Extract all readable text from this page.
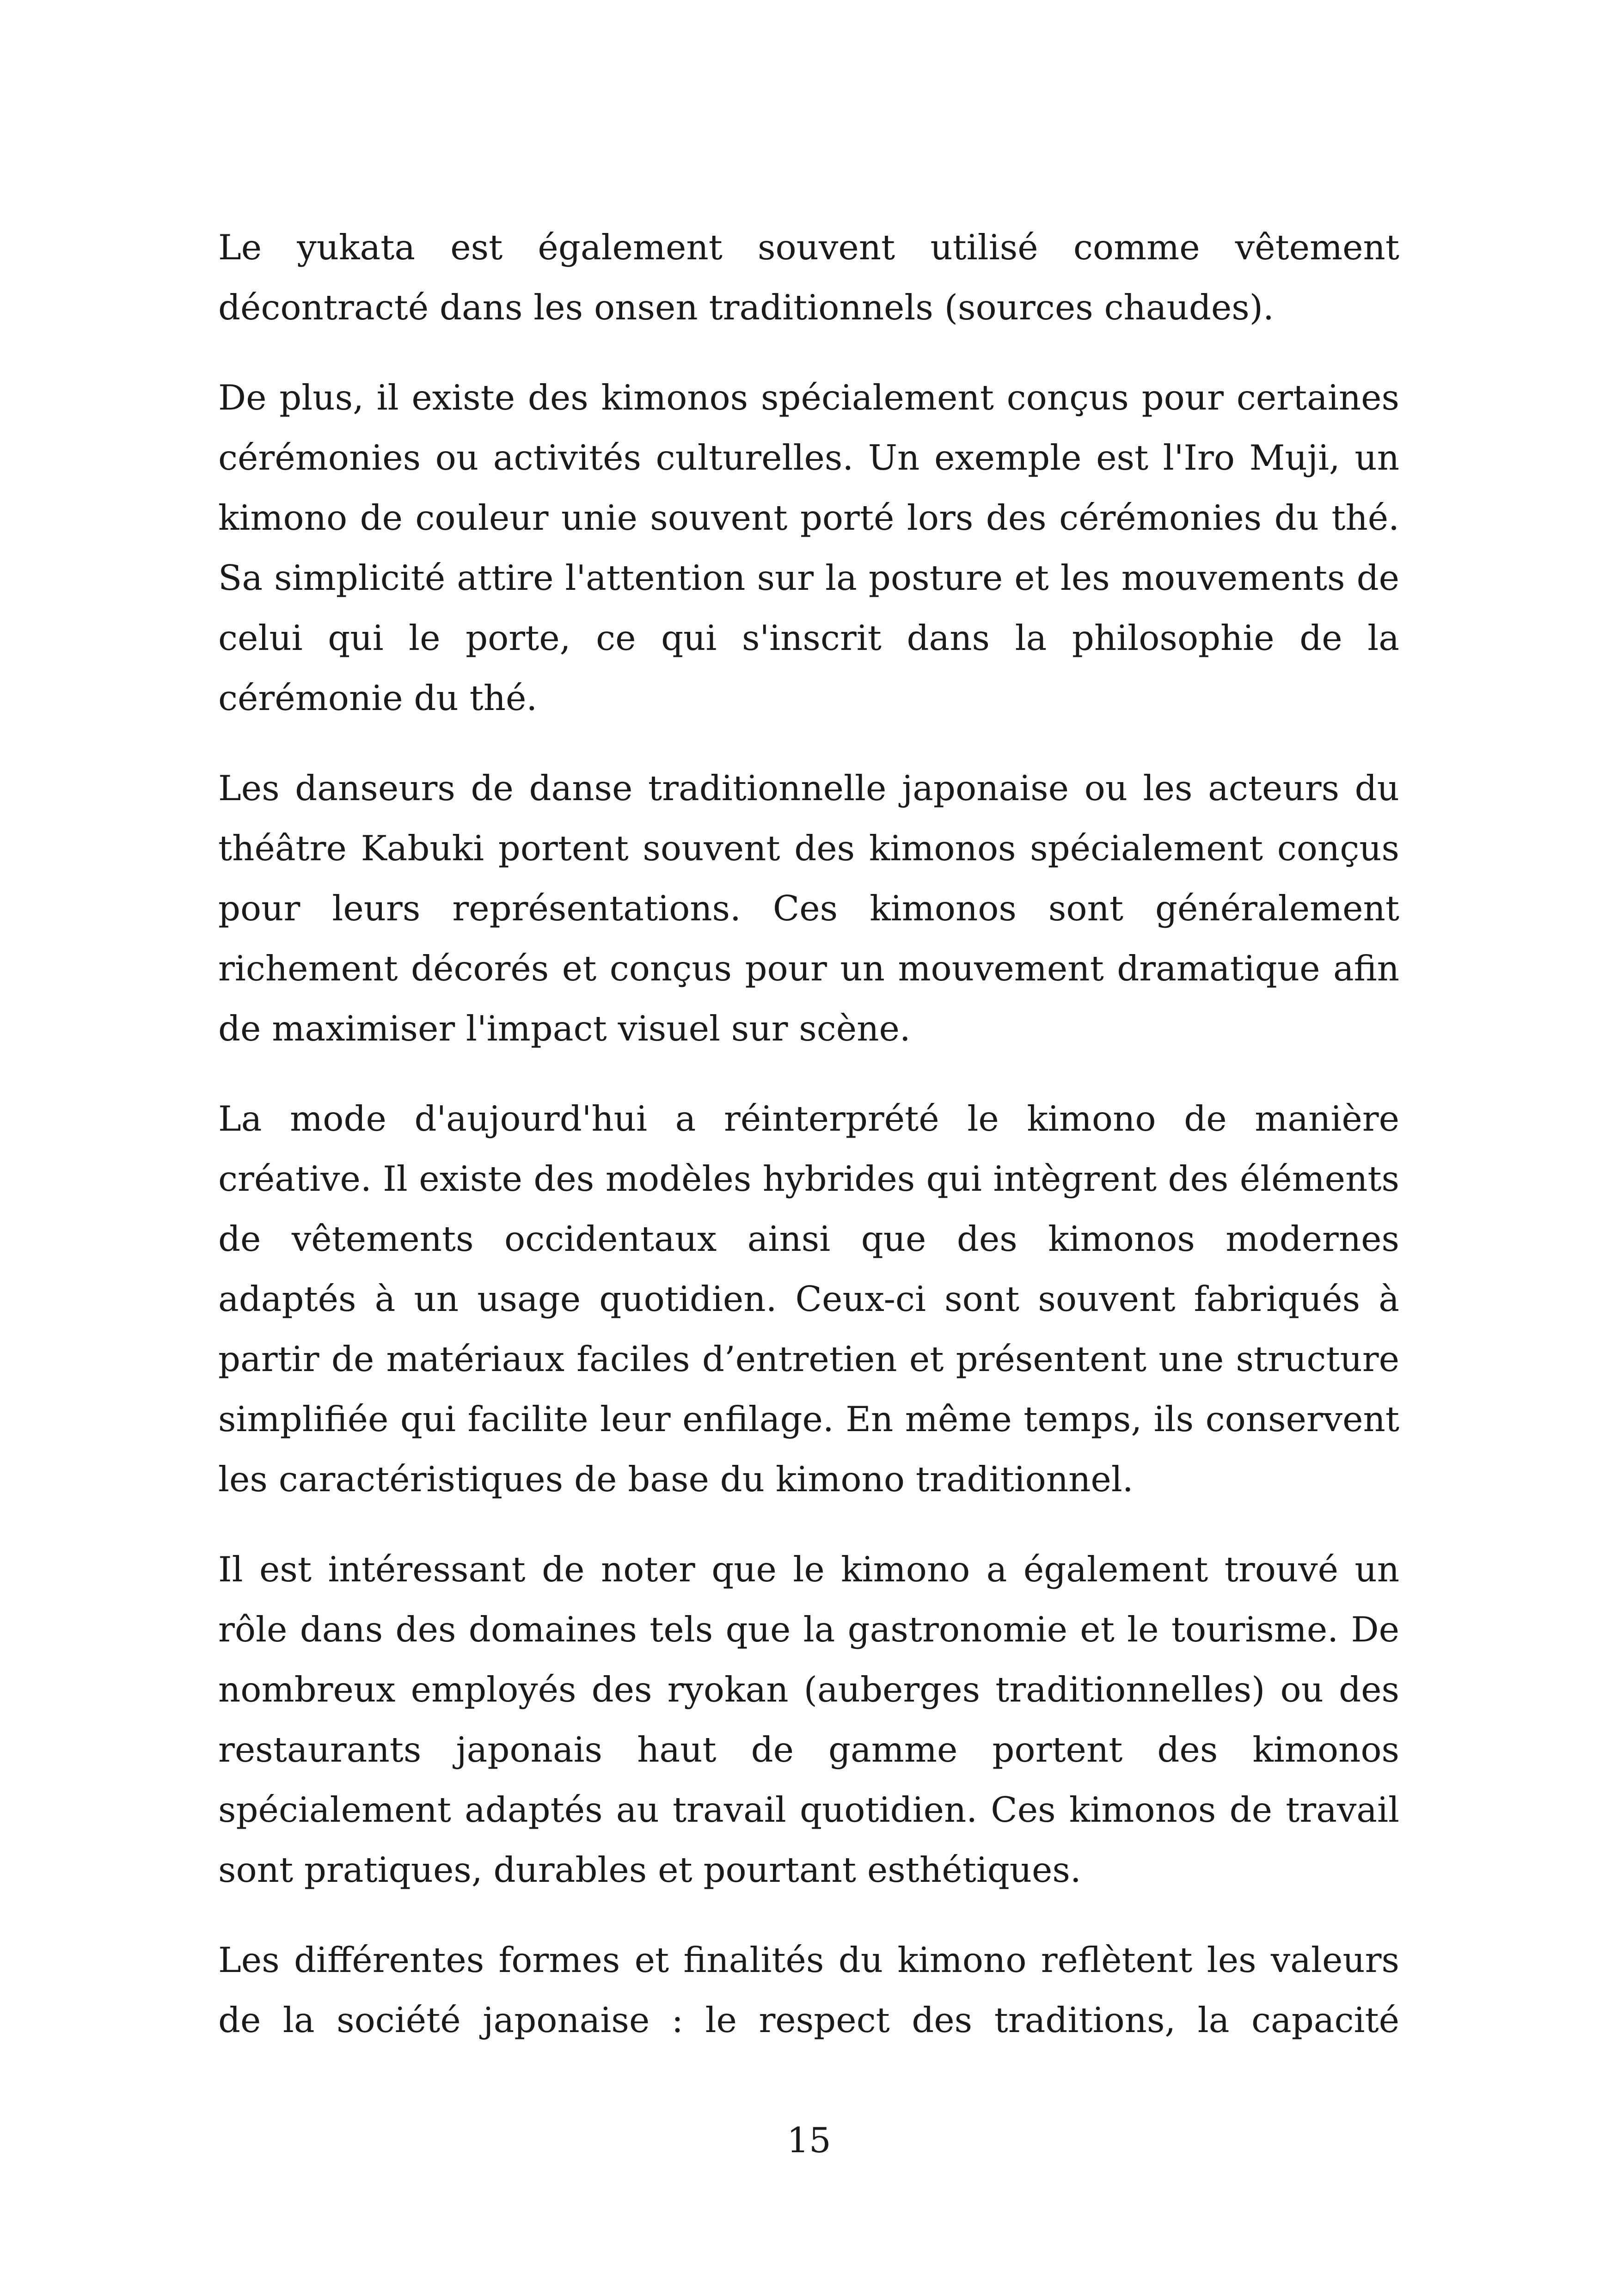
Le yukata est également souvent utilisé comme vêtement décontracté dans les onsen traditionnels (sources chaudes).

De plus, il existe des kimonos spécialement conçus pour certaines cérémonies ou activités culturelles. Un exemple est l'Iro Muji, un kimono de couleur unie souvent porté lors des cérémonies du thé. Sa simplicité attire l'attention sur la posture et les mouvements de celui qui le porte, ce qui s'inscrit dans la philosophie de la cérémonie du thé.

Les danseurs de danse traditionnelle japonaise ou les acteurs du théâtre Kabuki portent souvent des kimonos spécialement conçus pour leurs représentations. Ces kimonos sont généralement richement décorés et conçus pour un mouvement dramatique afin de maximiser l'impact visuel sur scène.

La mode d'aujourd'hui a réinterprété le kimono de manière créative. Il existe des modèles hybrides qui intègrent des éléments de vêtements occidentaux ainsi que des kimonos modernes adaptés à un usage quotidien. Ceux-ci sont souvent fabriqués à partir de matériaux faciles d’entretien et présentent une structure simplifiée qui facilite leur enfilage. En même temps, ils conservent les caractéristiques de base du kimono traditionnel.

Il est intéressant de noter que le kimono a également trouvé un rôle dans des domaines tels que la gastronomie et le tourisme. De nombreux employés des ryokan (auberges traditionnelles) ou des restaurants japonais haut de gamme portent des kimonos spécialement adaptés au travail quotidien. Ces kimonos de travail sont pratiques, durables et pourtant esthétiques.

Les différentes formes et finalités du kimono reflètent les valeurs de la société japonaise : le respect des traditions, la capacité

15
